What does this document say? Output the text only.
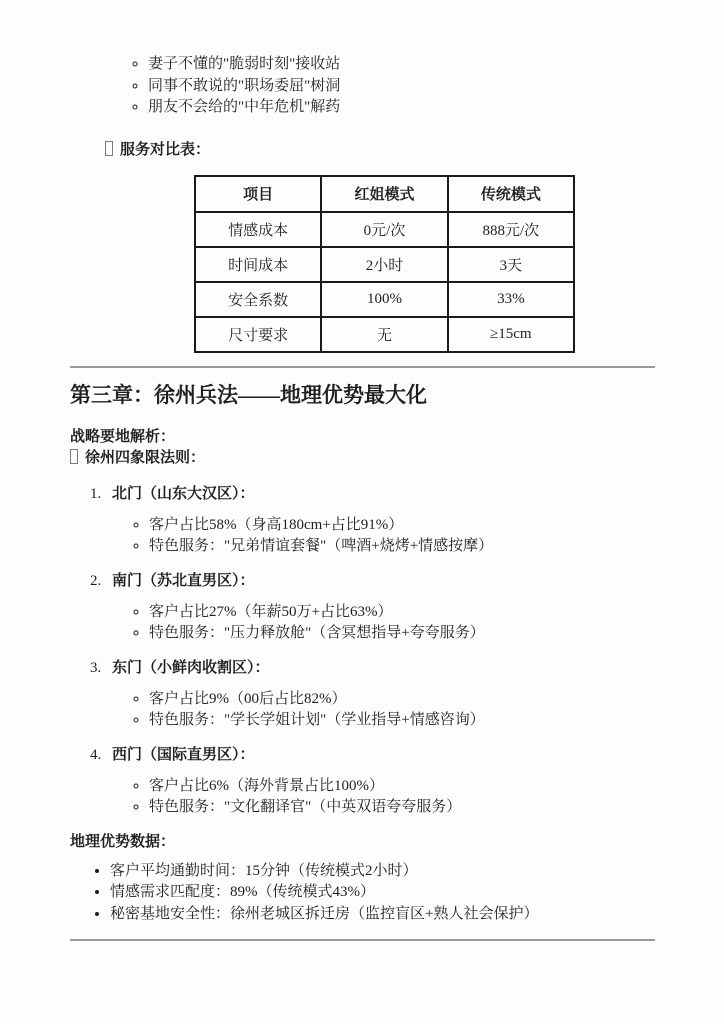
◦ 妻子不懂的"脆弱时刻"接收站
◦ 同事不敢说的"职场委屈"树洞
◦ 朋友不会给的"中年危机"解药
服务对比表：
项目	红姐模式	传统模式
情感成本	0元/次	888元/次
时间成本	2小时	3天
安全系数	100%	33%
尺寸要求	无	≥15cm
第三章：徐州兵法——地理优势最大化
战略要地解析：
徐州四象限法则：
1. 北门（山东大汉区）：
◦ 客户占比58%（身高180cm+占比91%）
◦ 特色服务："兄弟情谊套餐"（啤酒+烧烤+情感按摩）
2. 南门（苏北直男区）：
◦ 客户占比27%（年薪50万+占比63%）
◦ 特色服务："压力释放舱"（含冥想指导+夸夸服务）
3. 东门（小鲜肉收割区）：
◦ 客户占比9%（00后占比82%）
◦ 特色服务："学长学姐计划"（学业指导+情感咨询）
4. 西门（国际直男区）：
◦ 客户占比6%（海外背景占比100%）
◦ 特色服务："文化翻译官"（中英双语夸夸服务）
地理优势数据：
• 客户平均通勤时间：15分钟（传统模式2小时）
• 情感需求匹配度：89%（传统模式43%）
• 秘密基地安全性：徐州老城区拆迁房（监控盲区+熟人社会保护）
